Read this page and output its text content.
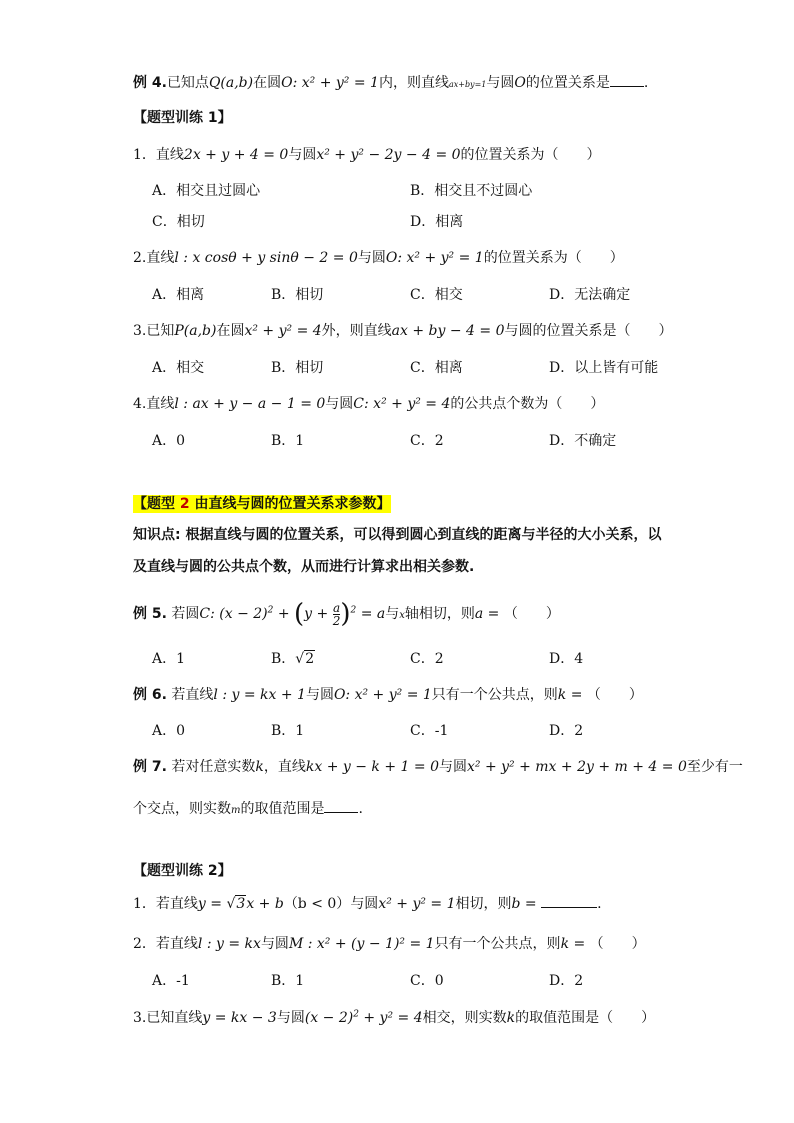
例 4.已知点Q(a,b)在圆O: x² + y² = 1内，则直线ax+by=1与圆O的位置关系是 .
【题型训练 1】
1．直线2x + y + 4 = 0与圆x² + y² − 2y − 4 = 0的位置关系为（　　）
A．相交且过圆心	B．相交且不过圆心
C．相切	D．相离
2.直线l : x cosθ + y sinθ − 2 = 0与圆O: x² + y² = 1的位置关系为（　　）
A．相离	B．相切	C．相交	D．无法确定
3.已知P(a,b)在圆x² + y² = 4外，则直线ax + by − 4 = 0与圆的位置关系是（　　）
A．相交	B．相切	C．相离	D．以上皆有可能
4.直线l : ax + y − a − 1 = 0与圆C: x² + y² = 4的公共点个数为（　　）
A．0	B．1	C．2	D．不确定
【题型 2 由直线与圆的位置关系求参数】
知识点: 根据直线与圆的位置关系，可以得到圆心到直线的距离与半径的大小关系，以
及直线与圆的公共点个数，从而进行计算求出相关参数.
例 5. 若圆C: $(x - 2)^2 + (y + \frac{a}{2} )^2 = a$与x轴相切，则a = （　　）
A．1	B．√2	C．2	D．4
例 6. 若直线l : y = kx + 1与圆O: x² + y² = 1只有一个公共点，则k = （　　）
A．0	B．1	C．-1	D．2
例 7. 若对任意实数k，直线kx + y − k + 1 = 0与圆x² + y² + mx + 2y + m + 4 = 0至少有一
个交点，则实数m的取值范围是 .
【题型训练 2】
1．若直线y = √3x + b（b < 0）与圆x² + y² = 1相切，则b =	.
2．若直线l : y = kx与圆M : x² + (y − 1)² = 1只有一个公共点，则k = （　　）
A．-1	B．1	C．0	D．2
3.已知直线y = kx − 3与圆$(x - 2)^2 + y^2 = 4$相交，则实数k的取值范围是（　　）
